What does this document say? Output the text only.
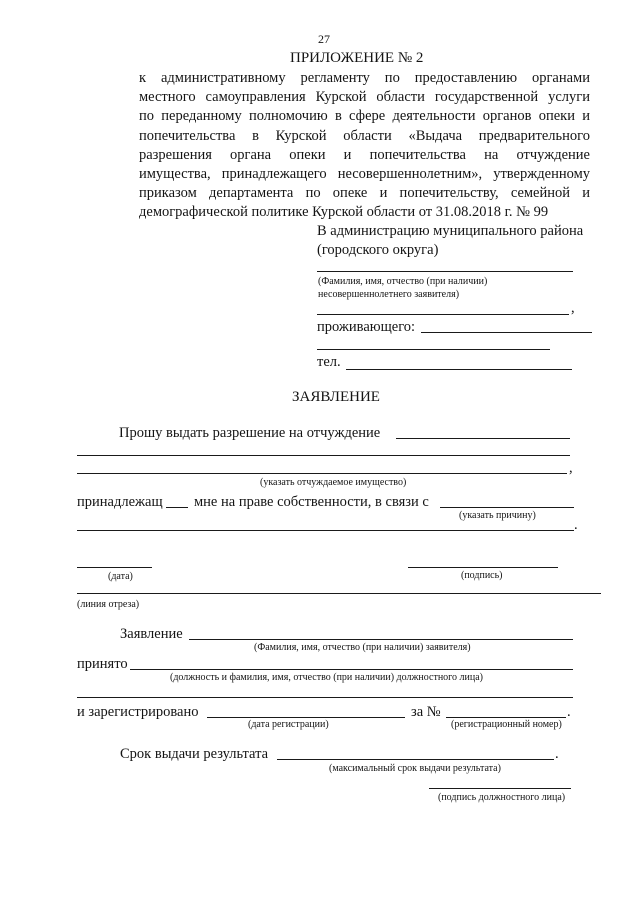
27
ПРИЛОЖЕНИЕ № 2
к административному регламенту по предоставлению органами
местного самоуправления Курской области государственной услуги
по переданному полномочию в сфере деятельности органов опеки и
попечительства в Курской области «Выдача предварительного
разрешения органа опеки и попечительства на отчуждение
имущества, принадлежащего несовершеннолетним», утвержденному
приказом департамента по опеке и попечительству, семейной и
демографической политике Курской области от 31.08.2018 г. № 99
В администрацию муниципального района
(городского округа)
(Фамилия, имя, отчество (при наличии)
несовершеннолетнего заявителя)
,
проживающего:
тел.
ЗАЯВЛЕНИЕ
Прошу выдать разрешение на отчуждение
,
(указать отчуждаемое имущество)
принадлежащ мне на праве собственности, в связи с
(указать причину)
.
(дата)	(подпись)
(линия отреза)
Заявление
(Фамилия, имя, отчество (при наличии) заявителя)
принято
(должность и фамилия, имя, отчество (при наличии) должностного лица)
и зарегистрировано	за №	.
(дата регистрации)	(регистрационный номер)
Срок выдачи результата	.
(максимальный срок выдачи результата)
(подпись должностного лица)
